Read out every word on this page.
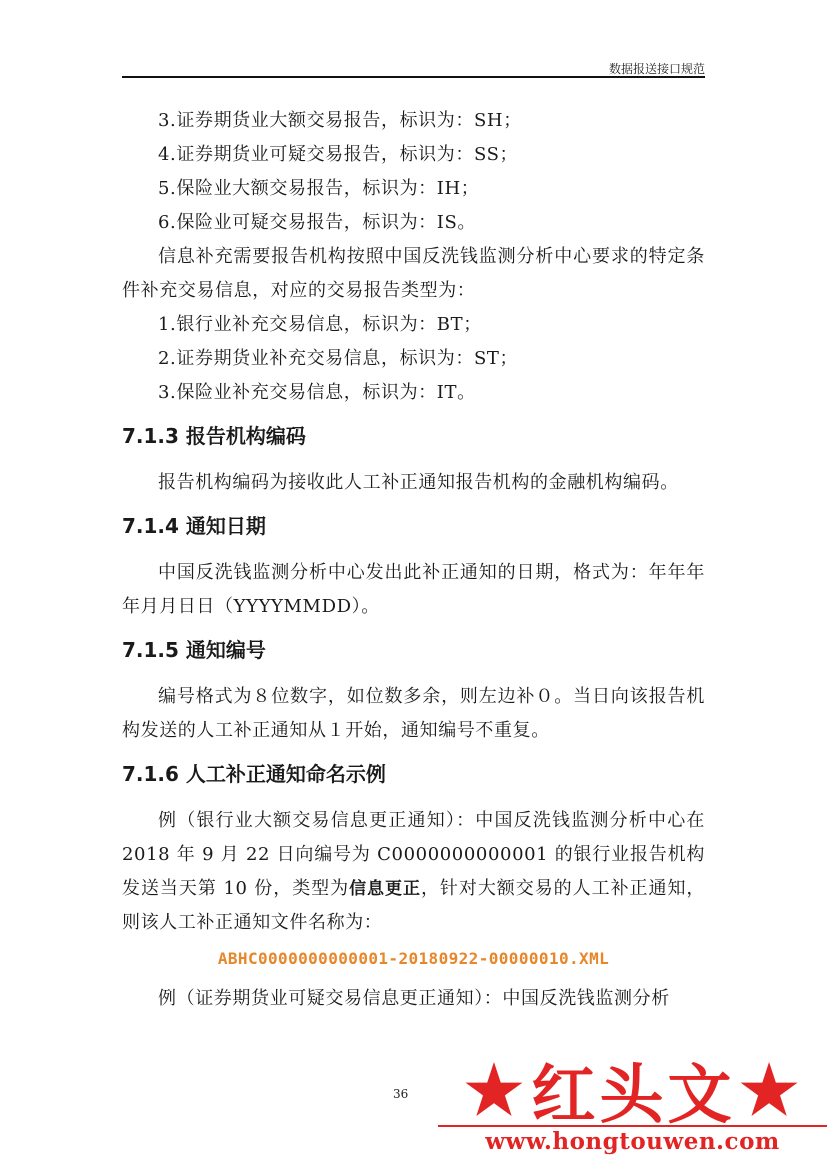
数据报送接口规范

3.证券期货业大额交易报告，标识为：SH；

4.证券期货业可疑交易报告，标识为：SS；

5.保险业大额交易报告，标识为：IH；

6.保险业可疑交易报告，标识为：IS。

信息补充需要报告机构按照中国反洗钱监测分析中心要求的特定条件补充交易信息，对应的交易报告类型为：

1.银行业补充交易信息，标识为：BT；

2.证券期货业补充交易信息，标识为：ST；

3.保险业补充交易信息，标识为：IT。

7.1.3 报告机构编码

报告机构编码为接收此人工补正通知报告机构的金融机构编码。

7.1.4 通知日期

中国反洗钱监测分析中心发出此补正通知的日期，格式为：年年年年月月日日（YYYYMMDD）。

7.1.5 通知编号

编号格式为８位数字，如位数多余，则左边补０。当日向该报告机构发送的人工补正通知从１开始，通知编号不重复。

7.1.6 人工补正通知命名示例

例（银行业大额交易信息更正通知）：中国反洗钱监测分析中心在 2018 年 9 月 22 日向编号为 C0000000000001 的银行业报告机构发送当天第 10 份，类型为信息更正，针对大额交易的人工补正通知，则该人工补正通知文件名称为：

ABHC0000000000001-20180922-00000010.XML

例（证券期货业可疑交易信息更正通知）：中国反洗钱监测分析

36 ★ 红头文 ★
www.hongtouwen.com
